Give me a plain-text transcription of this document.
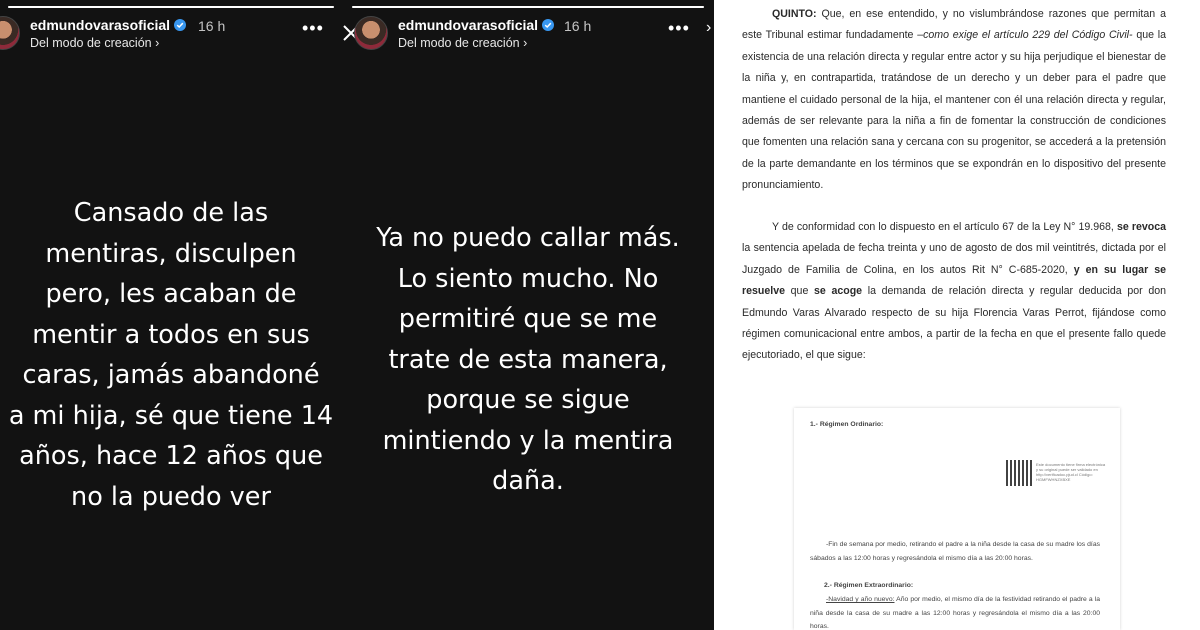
edmundovarasoficial	16 h
Del modo de creación ›
•••
Cansado de las
mentiras, disculpen
pero, les acaban de
mentir a todos en sus
caras, jamás abandoné
a mi hija, sé que tiene 14
años, hace 12 años que
no la puedo ver
edmundovarasoficial	16 h
Del modo de creación ›
••• ›
Ya no puedo callar más.
Lo siento mucho. No
permitiré que se me
trate de esta manera,
porque se sigue
mintiendo y la mentira
daña.
QUINTO: Que, en ese entendido, y no vislumbrándose razones que permitan a este Tribunal estimar fundadamente –como exige el artículo 229 del Código Civil- que la existencia de una relación directa y regular entre actor y su hija perjudique el bienestar de la niña y, en contrapartida, tratándose de un derecho y un deber para el padre que mantiene el cuidado personal de la hija, el mantener con él una relación directa y regular, además de ser relevante para la niña a fin de fomentar la construcción de condiciones que fomenten una relación sana y cercana con su progenitor, se accederá a la pretensión de la parte demandante en los términos que se expondrán en lo dispositivo del presente pronunciamiento.
Y de conformidad con lo dispuesto en el artículo 67 de la Ley N° 19.968, se revoca la sentencia apelada de fecha treinta y uno de agosto de dos mil veintitrés, dictada por el Juzgado de Familia de Colina, en los autos Rit N° C-685-2020, y en su lugar se resuelve que se acoge la demanda de relación directa y regular deducida por don Edmundo Varas Alvarado respecto de su hija Florencia Varas Perrot, fijándose como régimen comunicacional entre ambos, a partir de la fecha en que el presente fallo quede ejecutoriado, el que sigue:
1.- Régimen Ordinario:
Este documento tiene firma electrónica y su original puede ser validado en http://verificadoc.pjud.cl Código: HGMFWHNZXBXE
-Fin de semana por medio, retirando el padre a la niña desde la casa de su madre los días sábados a las 12:00 horas y regresándola el mismo día a las 20:00 horas.
2.- Régimen Extraordinario:
-Navidad y año nuevo: Año por medio, el mismo día de la festividad retirando el padre a la niña desde la casa de su madre a las 12:00 horas y regresándola el mismo día a las 20:00 horas.
